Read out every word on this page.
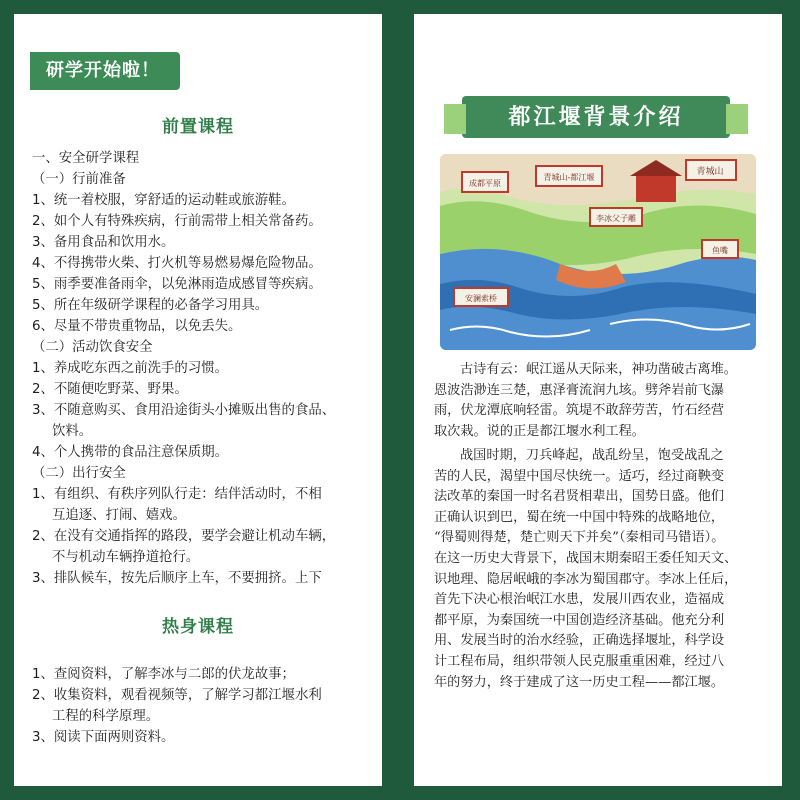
研学开始啦！
前置课程
一、安全研学课程
（一）行前准备
1、统一着校服，穿舒适的运动鞋或旅游鞋。
2、如个人有特殊疾病，行前需带上相关常备药。
3、备用食品和饮用水。
4、不得携带火柴、打火机等易燃易爆危险物品。
5、雨季要准备雨伞，以免淋雨造成感冒等疾病。
5、所在年级研学课程的必备学习用具。
6、尽量不带贵重物品，以免丢失。
（二）活动饮食安全
1、养成吃东西之前洗手的习惯。
2、不随便吃野菜、野果。
3、不随意购买、食用沿途街头小摊贩出售的食品、
饮料。
4、个人携带的食品注意保质期。
（二）出行安全
1、有组织、有秩序列队行走：结伴活动时，不相
互追逐、打闹、嬉戏。
2、在没有交通指挥的路段，要学会避让机动车辆，
不与机动车辆挣道抢行。
3、排队候车，按先后顺序上车，不要拥挤。上下
热身课程
1、查阅资料，了解李冰与二郎的伏龙故事；
2、收集资料，观看视频等，了解学习都江堰水利
工程的科学原理。
3、阅读下面两则资料。
都江堰背景介绍
青城山
成都平原
青城山-都江堰
李冰父子雕
安澜索桥
鱼嘴
古诗有云：岷江遥从天际来，神功凿破古离堆。
恩波浩渺连三楚，惠泽膏流润九垓。劈斧岩前飞瀑
雨，伏龙潭底响轻雷。筑堤不敢辞劳苦，竹石经营
取次栽。说的正是都江堰水利工程。
战国时期，刀兵峰起，战乱纷呈，饱受战乱之
苦的人民，渴望中国尽快统一。适巧，经过商鞅变
法改革的秦国一时名君贤相辈出，国势日盛。他们
正确认识到巴，蜀在统一中国中特殊的战略地位，
“得蜀则得楚，楚亡则天下并矣”（秦相司马错语）。
在这一历史大背景下，战国末期秦昭王委任知天文、
识地理、隐居岷峨的李冰为蜀国郡守。李冰上任后，
首先下决心根治岷江水患，发展川西农业，造福成
都平原，为秦国统一中国创造经济基础。他充分利
用、发展当时的治水经验，正确选择堰址，科学设
计工程布局，组织带领人民克服重重困难，经过八
年的努力，终于建成了这一历史工程——都江堰。
